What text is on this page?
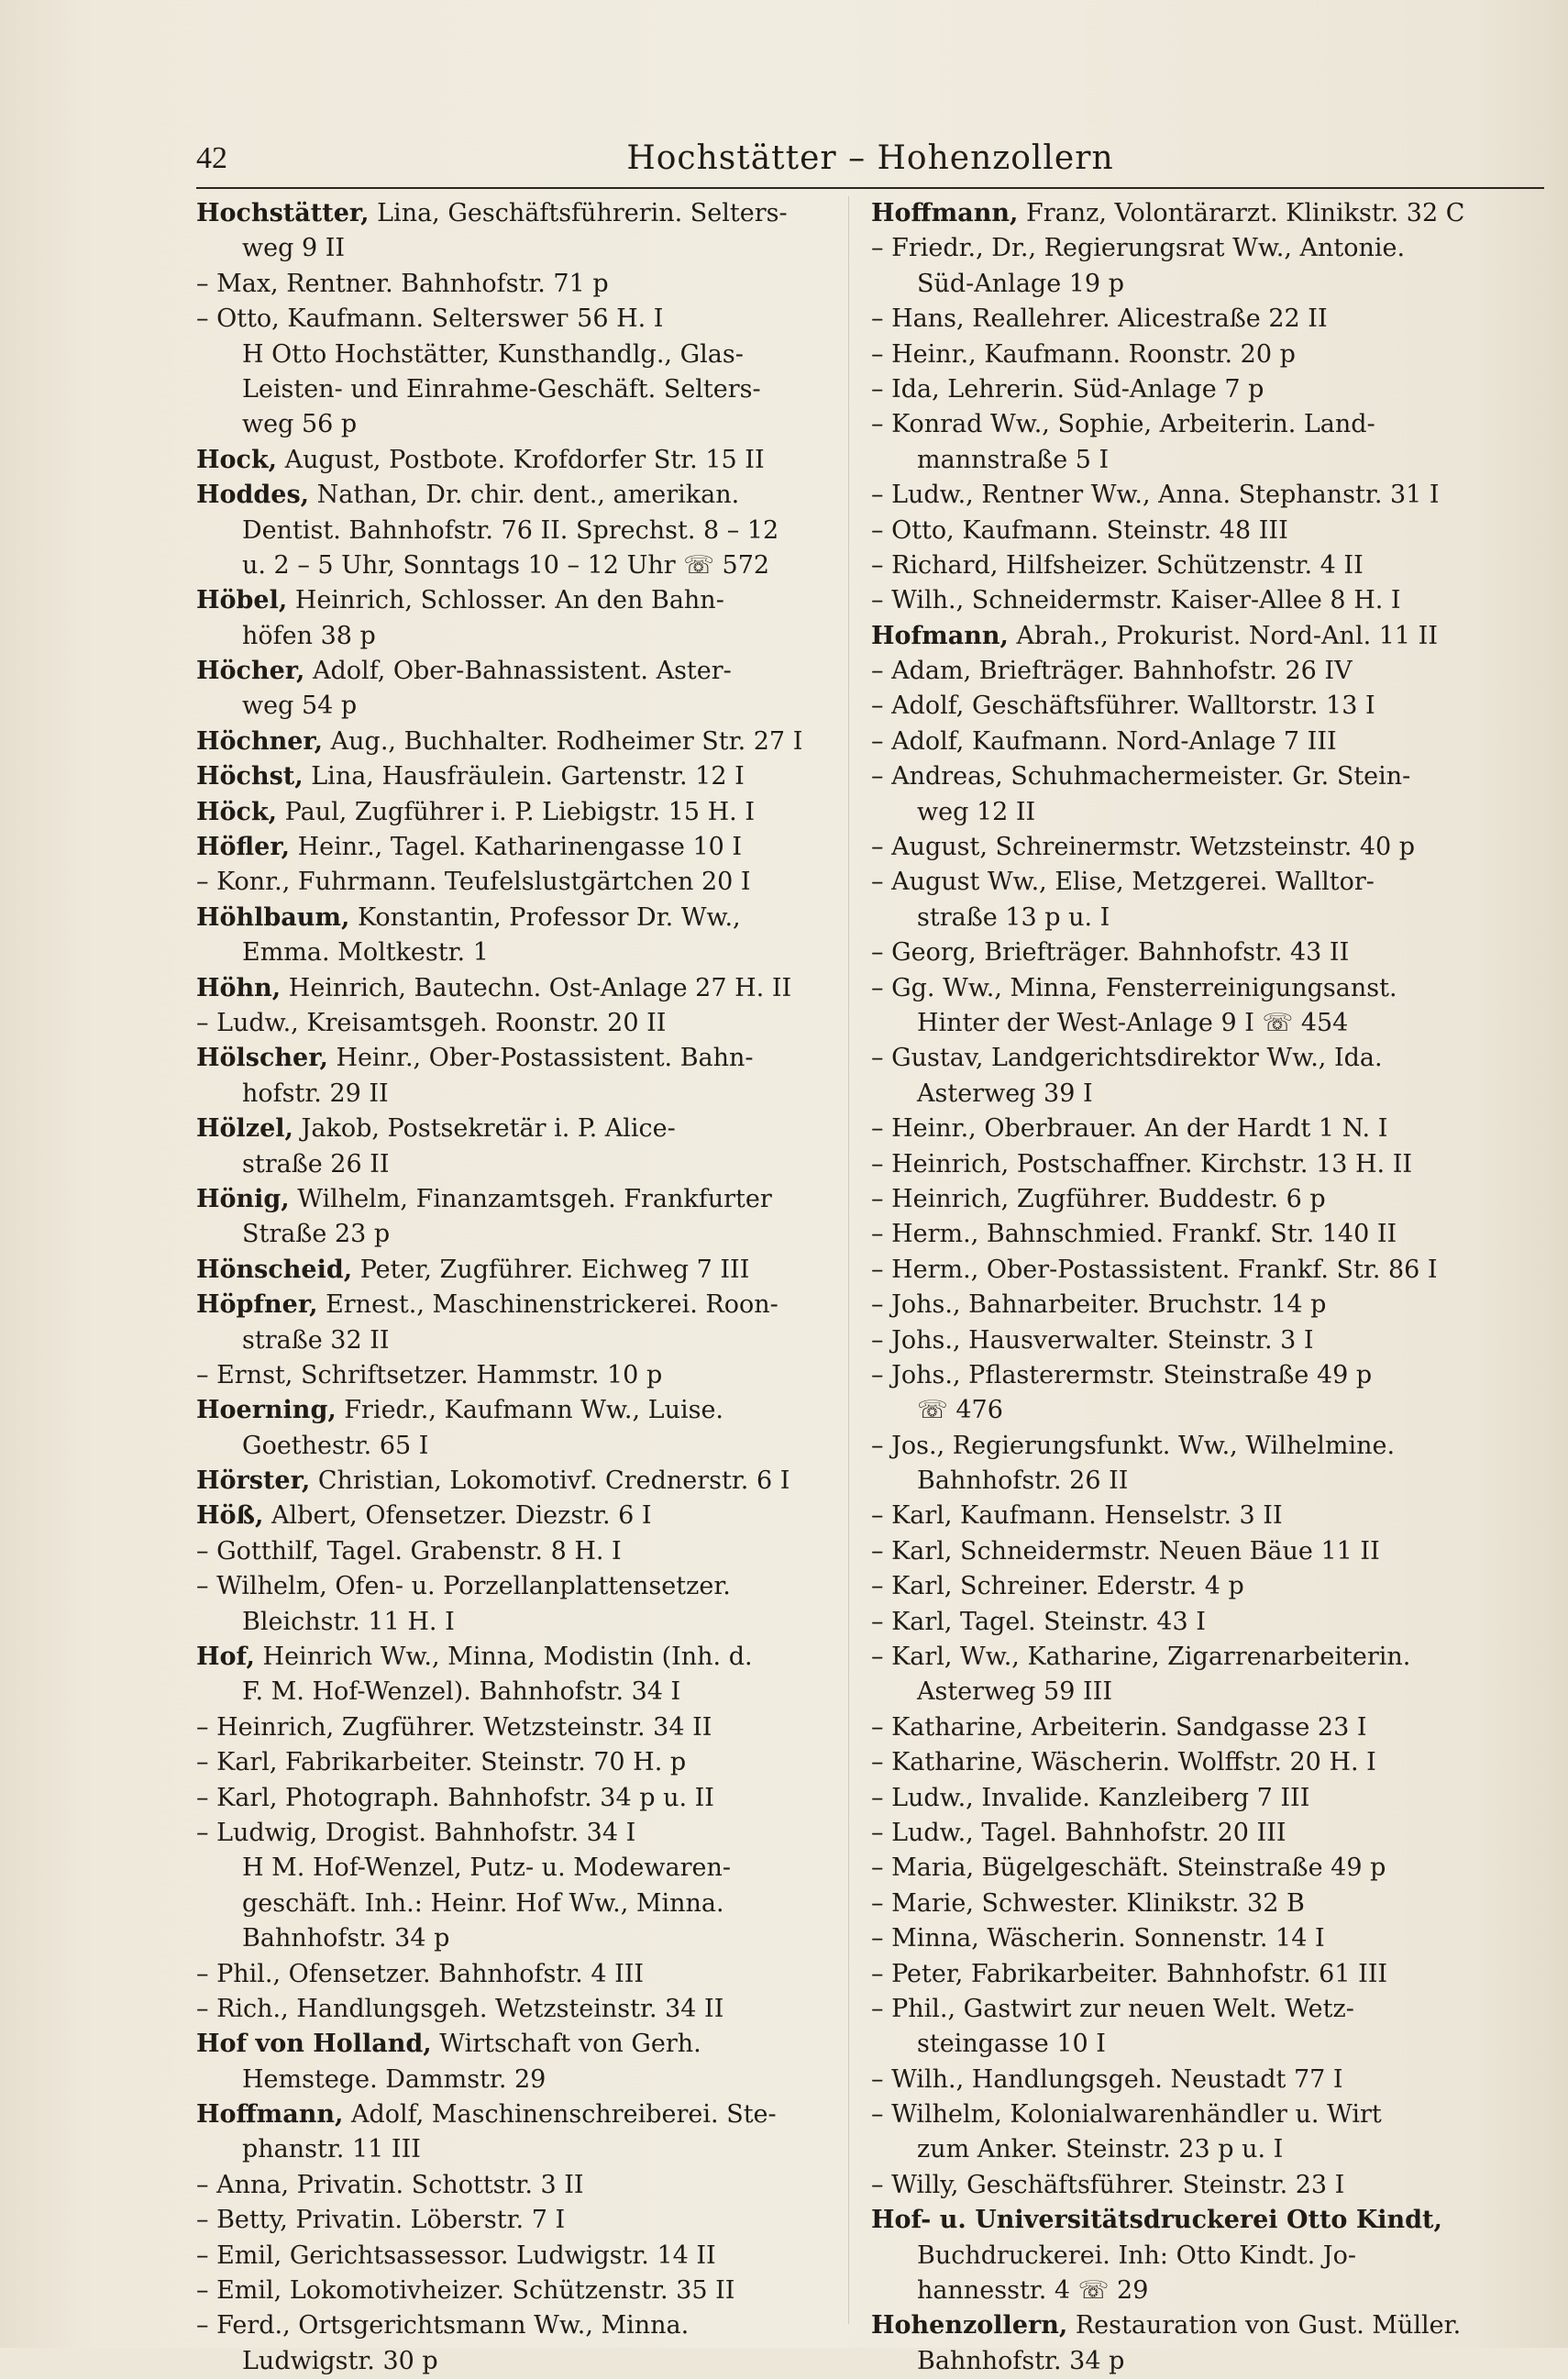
42	Hochstätter – Hohenzollern
Hochstätter, Lina, Geschäftsführerin. Selters-
weg 9 II
– Max, Rentner. Bahnhofstr. 71 p
– Otto, Kaufmann. Selterswег 56 H. I
H Otto Hochstätter, Kunsthandlg., Glas-
Leisten- und Einrahme-Geschäft. Selters-
weg 56 p
Hock, August, Postbote. Krofdorfer Str. 15 II
Hoddes, Nathan, Dr. chir. dent., amerikan.
Dentist. Bahnhofstr. 76 II. Sprechst. 8 – 12
u. 2 – 5 Uhr, Sonntags 10 – 12 Uhr ☏ 572
Höbel, Heinrich, Schlosser. An den Bahn-
höfen 38 p
Höcher, Adolf, Ober-Bahnassistent. Aster-
weg 54 p
Höchner, Aug., Buchhalter. Rodheimer Str. 27 I
Höchst, Lina, Hausfräulein. Gartenstr. 12 I
Höck, Paul, Zugführer i. P. Liebigstr. 15 H. I
Höfler, Heinr., Tagel. Katharinengasse 10 I
– Konr., Fuhrmann. Teufelslustgärtchen 20 I
Höhlbaum, Konstantin, Professor Dr. Ww.,
Emma. Moltkestr. 1
Höhn, Heinrich, Bautechn. Ost-Anlage 27 H. II
– Ludw., Kreisamtsgeh. Roonstr. 20 II
Hölscher, Heinr., Ober-Postassistent. Bahn-
hofstr. 29 II
Hölzel, Jakob, Postsekretär i. P. Alice-
straße 26 II
Hönig, Wilhelm, Finanzamtsgeh. Frankfurter
Straße 23 p
Hönscheid, Peter, Zugführer. Eichweg 7 III
Höpfner, Ernest., Maschinenstrickerei. Roon-
straße 32 II
– Ernst, Schriftsetzer. Hammstr. 10 p
Hoerning, Friedr., Kaufmann Ww., Luise.
Goethestr. 65 I
Hörster, Christian, Lokomotivf. Crednerstr. 6 I
Höß, Albert, Ofensetzer. Diezstr. 6 I
– Gotthilf, Tagel. Grabenstr. 8 H. I
– Wilhelm, Ofen- u. Porzellanplattensetzer.
Bleichstr. 11 H. I
Hof, Heinrich Ww., Minna, Modistin (Inh. d.
F. M. Hof-Wenzel). Bahnhofstr. 34 I
– Heinrich, Zugführer. Wetzsteinstr. 34 II
– Karl, Fabrikarbeiter. Steinstr. 70 H. p
– Karl, Photograph. Bahnhofstr. 34 p u. II
– Ludwig, Drogist. Bahnhofstr. 34 I
H M. Hof-Wenzel, Putz- u. Modewaren-
geschäft. Inh.: Heinr. Hof Ww., Minna.
Bahnhofstr. 34 p
– Phil., Ofensetzer. Bahnhofstr. 4 III
– Rich., Handlungsgeh. Wetzsteinstr. 34 II
Hof von Holland, Wirtschaft von Gerh.
Hemstege. Dammstr. 29
Hoffmann, Adolf, Maschinenschreiberei. Ste-
phanstr. 11 III
– Anna, Privatin. Schottstr. 3 II
– Betty, Privatin. Löberstr. 7 I
– Emil, Gerichtsassessor. Ludwigstr. 14 II
– Emil, Lokomotivheizer. Schützenstr. 35 II
– Ferd., Ortsgerichtsmann Ww., Minna.
Ludwigstr. 30 p
Hoffmann, Franz, Volontärarzt. Klinikstr. 32 C
– Friedr., Dr., Regierungsrat Ww., Antonie.
Süd-Anlage 19 p
– Hans, Reallehrer. Alicestraße 22 II
– Heinr., Kaufmann. Roonstr. 20 p
– Ida, Lehrerin. Süd-Anlage 7 p
– Konrad Ww., Sophie, Arbeiterin. Land-
mannstraße 5 I
– Ludw., Rentner Ww., Anna. Stephanstr. 31 I
– Otto, Kaufmann. Steinstr. 48 III
– Richard, Hilfsheizer. Schützenstr. 4 II
– Wilh., Schneidermstr. Kaiser-Allee 8 H. I
Hofmann, Abrah., Prokurist. Nord-Anl. 11 II
– Adam, Briefträger. Bahnhofstr. 26 IV
– Adolf, Geschäftsführer. Walltorstr. 13 I
– Adolf, Kaufmann. Nord-Anlage 7 III
– Andreas, Schuhmachermeister. Gr. Stein-
weg 12 II
– August, Schreinermstr. Wetzsteinstr. 40 p
– August Ww., Elise, Metzgerei. Walltor-
straße 13 p u. I
– Georg, Briefträger. Bahnhofstr. 43 II
– Gg. Ww., Minna, Fensterreinigungsanst.
Hinter der West-Anlage 9 I ☏ 454
– Gustav, Landgerichtsdirektor Ww., Ida.
Asterweg 39 I
– Heinr., Oberbrauer. An der Hardt 1 N. I
– Heinrich, Postschaffner. Kirchstr. 13 H. II
– Heinrich, Zugführer. Buddestr. 6 p
– Herm., Bahnschmied. Frankf. Str. 140 II
– Herm., Ober-Postassistent. Frankf. Str. 86 I
– Johs., Bahnarbeiter. Bruchstr. 14 p
– Johs., Hausverwalter. Steinstr. 3 I
– Johs., Pflasterermstr. Steinstraße 49 p
☏ 476
– Jos., Regierungsfunkt. Ww., Wilhelmine.
Bahnhofstr. 26 II
– Karl, Kaufmann. Henselstr. 3 II
– Karl, Schneidermstr. Neuen Bäue 11 II
– Karl, Schreiner. Ederstr. 4 p
– Karl, Tagel. Steinstr. 43 I
– Karl, Ww., Katharine, Zigarrenarbeiterin.
Asterweg 59 III
– Katharine, Arbeiterin. Sandgasse 23 I
– Katharine, Wäscherin. Wolffstr. 20 H. I
– Ludw., Invalide. Kanzleiberg 7 III
– Ludw., Tagel. Bahnhofstr. 20 III
– Maria, Bügelgeschäft. Steinstraße 49 p
– Marie, Schwester. Klinikstr. 32 B
– Minna, Wäscherin. Sonnenstr. 14 I
– Peter, Fabrikarbeiter. Bahnhofstr. 61 III
– Phil., Gastwirt zur neuen Welt. Wetz-
steingasse 10 I
– Wilh., Handlungsgeh. Neustadt 77 I
– Wilhelm, Kolonialwarenhändler u. Wirt
zum Anker. Steinstr. 23 p u. I
– Willy, Geschäftsführer. Steinstr. 23 I
Hof- u. Universitätsdruckerei Otto Kindt,
Buchdruckerei. Inh: Otto Kindt. Jo-
hannesstr. 4 ☏ 29
Hohenzollern, Restauration von Gust. Müller.
Bahnhofstr. 34 p
